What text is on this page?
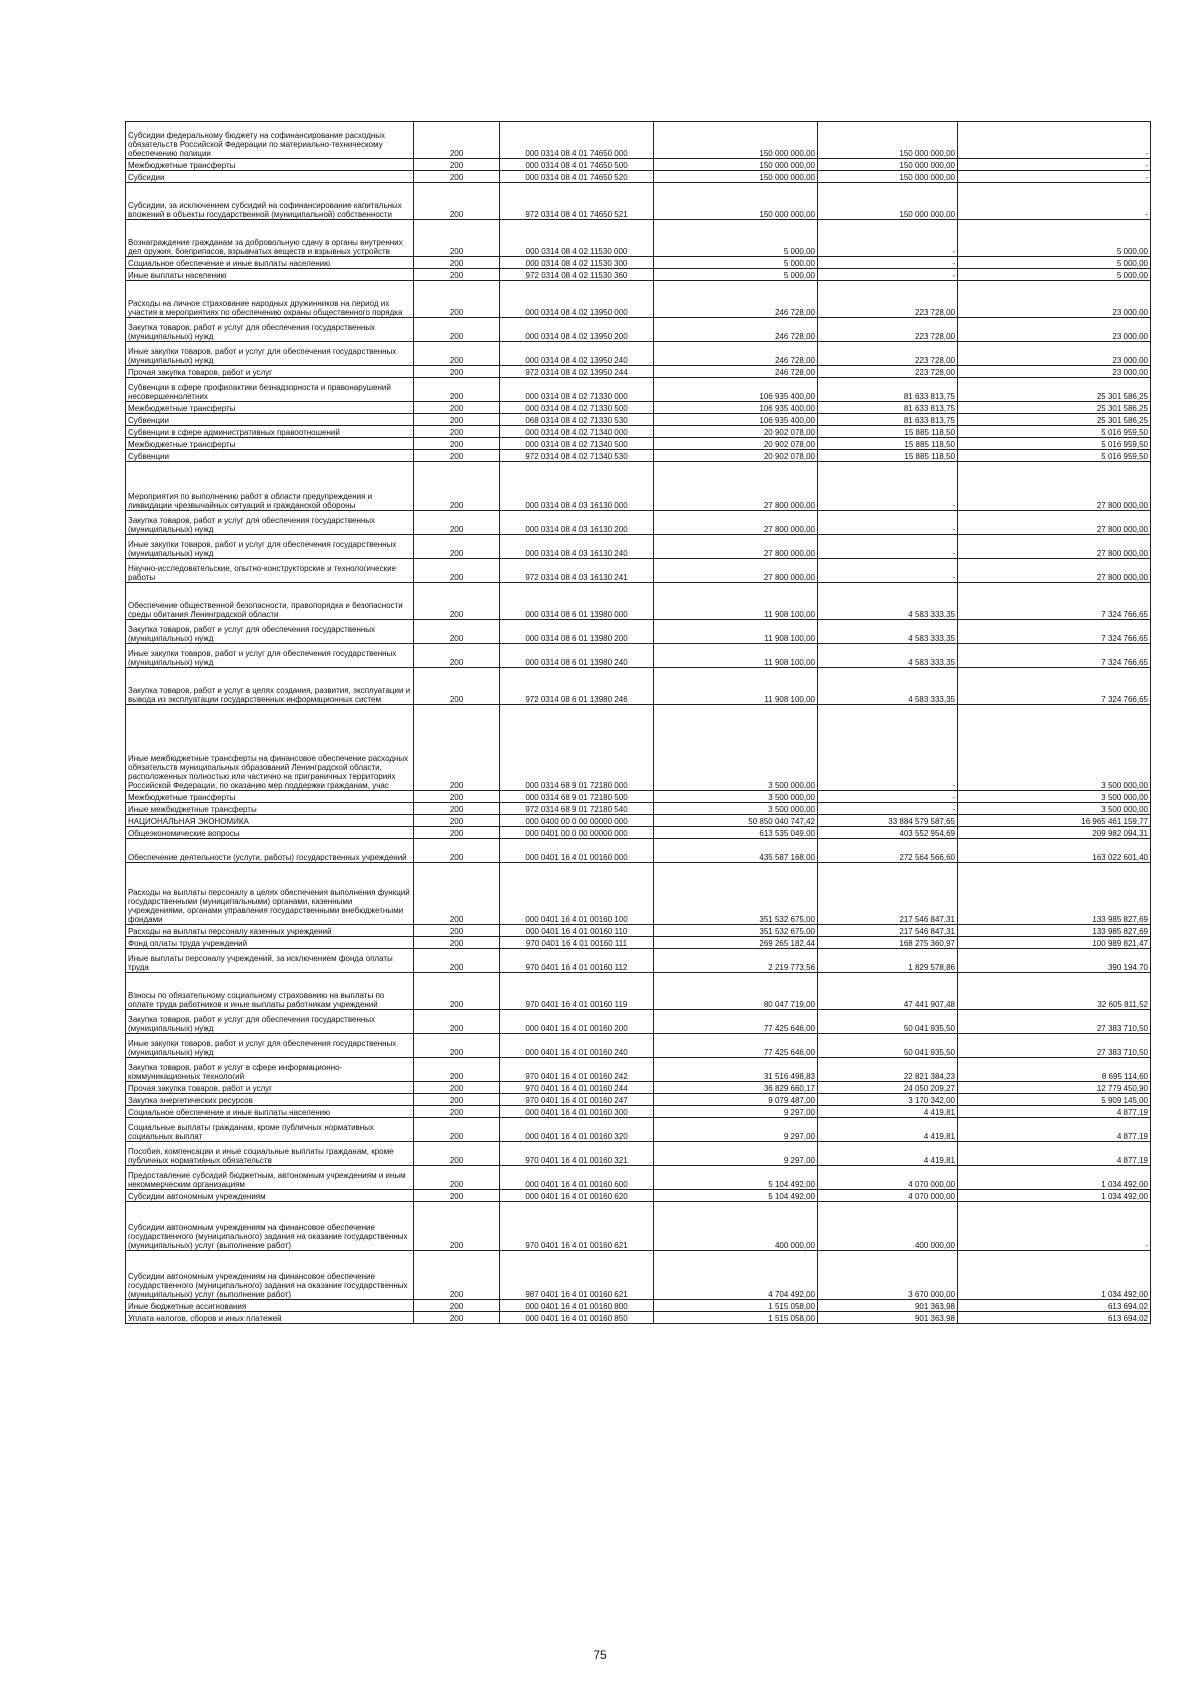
Субсидии федеральному бюджету на софинансирование расходных обязательств Российской Федерации по материально-техническому обеспечению полиции	200	000 0314 08 4 01 74650 000	150 000 000,00	150 000 000,00	-
Межбюджетные трансферты	200	000 0314 08 4 01 74650 500	150 000 000,00	150 000 000,00	-
Субсидии	200	000 0314 08 4 01 74650 520	150 000 000,00	150 000 000,00	-
Субсидии, за исключением субсидий на софинансирование капитальных вложений в объекты государственной (муниципальной) собственности	200	972 0314 08 4 01 74650 521	150 000 000,00	150 000 000,00	-
Вознаграждение гражданам за добровольную сдачу в органы внутренних дел оружия, боеприпасов, взрывчатых веществ и взрывных устройств	200	000 0314 08 4 02 11530 000	5 000,00	-	5 000,00
Социальное обеспечение и иные выплаты населению	200	000 0314 08 4 02 11530 300	5 000,00	-	5 000,00
Иные выплаты населению	200	972 0314 08 4 02 11530 360	5 000,00	-	5 000,00
Расходы на личное страхование народных дружинников на период их участия в мероприятиях по обеспечению охраны общественного порядка	200	000 0314 08 4 02 13950 000	246 728,00	223 728,00	23 000,00
Закупка товаров, работ и услуг для обеспечения государственных (муниципальных) нужд	200	000 0314 08 4 02 13950 200	246 728,00	223 728,00	23 000,00
Иные закупки товаров, работ и услуг для обеспечения государственных (муниципальных) нужд	200	000 0314 08 4 02 13950 240	246 728,00	223 728,00	23 000,00
Прочая закупка товаров, работ и услуг	200	972 0314 08 4 02 13950 244	246 728,00	223 728,00	23 000,00
Субвенции в сфере профилактики безнадзорности и правонарушений несовершеннолетних	200	000 0314 08 4 02 71330 000	106 935 400,00	81 633 813,75	25 301 586,25
Межбюджетные трансферты	200	000 0314 08 4 02 71330 500	106 935 400,00	81 633 813,75	25 301 586,25
Субвенции	200	068 0314 08 4 02 71330 530	106 935 400,00	81 633 813,75	25 301 586,25
Субвенции в сфере административных правоотношений	200	000 0314 08 4 02 71340 000	20 902 078,00	15 885 118,50	5 016 959,50
Межбюджетные трансферты	200	000 0314 08 4 02 71340 500	20 902 078,00	15 885 118,50	5 016 959,50
Субвенции	200	972 0314 08 4 02 71340 530	20 902 078,00	15 885 118,50	5 016 959,50
Мероприятия по выполнению работ в области предупреждения и ликвидации чрезвычайных ситуаций и гражданской обороны	200	000 0314 08 4 03 16130 000	27 800 000,00	-	27 800 000,00
Закупка товаров, работ и услуг для обеспечения государственных (муниципальных) нужд	200	000 0314 08 4 03 16130 200	27 800 000,00	-	27 800 000,00
Иные закупки товаров, работ и услуг для обеспечения государственных (муниципальных) нужд	200	000 0314 08 4 03 16130 240	27 800 000,00	-	27 800 000,00
Научно-исследовательские, опытно-конструкторские и технологические работы	200	972 0314 08 4 03 16130 241	27 800 000,00	-	27 800 000,00
Обеспечение общественной безопасности, правопорядка и безопасности среды обитания Ленинградской области	200	000 0314 08 6 01 13980 000	11 908 100,00	4 583 333,35	7 324 766,65
Закупка товаров, работ и услуг для обеспечения государственных (муниципальных) нужд	200	000 0314 08 6 01 13980 200	11 908 100,00	4 583 333,35	7 324 766,65
Иные закупки товаров, работ и услуг для обеспечения государственных (муниципальных) нужд	200	000 0314 08 6 01 13980 240	11 908 100,00	4 583 333,35	7 324 766,65
Закупка товаров, работ и услуг в целях создания, развития, эксплуатации и вывода из эксплуатации государственных информационных систем	200	972 0314 08 6 01 13980 246	11 908 100,00	4 583 333,35	7 324 766,65
Иные межбюджетные трансферты на финансовое обеспечение расходных обязательств муниципальных образований Ленинградской области, расположенных полностью или частично на приграничных территориях Российской Федерации, по оказанию мер поддержки гражданам, учас	200	000 0314 68 9 01 72180 000	3 500 000,00	-	3 500 000,00
Межбюджетные трансферты	200	000 0314 68 9 01 72180 500	3 500 000,00	-	3 500 000,00
Иные межбюджетные трансферты	200	972 0314 68 9 01 72180 540	3 500 000,00	-	3 500 000,00
НАЦИОНАЛЬНАЯ ЭКОНОМИКА	200	000 0400 00 0 00 00000 000	50 850 040 747,42	33 884 579 587,65	16 965 461 159,77
Общеэкономические вопросы	200	000 0401 00 0 00 00000 000	613 535 049,00	403 552 954,69	209 982 094,31
Обеспечение деятельности (услуги, работы) государственных учреждений	200	000 0401 16 4 01 00160 000	435 587 168,00	272 564 566,60	163 022 601,40
Расходы на выплаты персоналу в целях обеспечения выполнения функций государственными (муниципальными) органами, казенными учреждениями, органами управления государственными внебюджетными фондами	200	000 0401 16 4 01 00160 100	351 532 675,00	217 546 847,31	133 985 827,69
Расходы на выплаты персоналу казенных учреждений	200	000 0401 16 4 01 00160 110	351 532 675,00	217 546 847,31	133 985 827,69
Фонд оплаты труда учреждений	200	970 0401 16 4 01 00160 111	269 265 182,44	168 275 360,97	100 989 821,47
Иные выплаты персоналу учреждений, за исключением фонда оплаты труда	200	970 0401 16 4 01 00160 112	2 219 773,56	1 829 578,86	390 194,70
Взносы по обязательному социальному страхованию на выплаты по оплате труда работников и иные выплаты работникам учреждений	200	970 0401 16 4 01 00160 119	80 047 719,00	47 441 907,48	32 605 811,52
Закупка товаров, работ и услуг для обеспечения государственных (муниципальных) нужд	200	000 0401 16 4 01 00160 200	77 425 646,00	50 041 935,50	27 383 710,50
Иные закупки товаров, работ и услуг для обеспечения государственных (муниципальных) нужд	200	000 0401 16 4 01 00160 240	77 425 646,00	50 041 935,50	27 383 710,50
Закупка товаров, работ и услуг в сфере информационно-коммуникационных технологий	200	970 0401 16 4 01 00160 242	31 516 498,83	22 821 384,23	8 695 114,60
Прочая закупка товаров, работ и услуг	200	970 0401 16 4 01 00160 244	36 829 660,17	24 050 209,27	12 779 450,90
Закупка энергетических ресурсов	200	970 0401 16 4 01 00160 247	9 079 487,00	3 170 342,00	5 909 145,00
Социальное обеспечение и иные выплаты населению	200	000 0401 16 4 01 00160 300	9 297,00	4 419,81	4 877,19
Социальные выплаты гражданам, кроме публичных нормативных социальных выплат	200	000 0401 16 4 01 00160 320	9 297,00	4 419,81	4 877,19
Пособия, компенсации и иные социальные выплаты гражданам, кроме публичных нормативных обязательств	200	970 0401 16 4 01 00160 321	9 297,00	4 419,81	4 877,19
Предоставление субсидий бюджетным, автономным учреждениям и иным некоммерческим организациям	200	000 0401 16 4 01 00160 600	5 104 492,00	4 070 000,00	1 034 492,00
Субсидии автономным учреждениям	200	000 0401 16 4 01 00160 620	5 104 492,00	4 070 000,00	1 034 492,00
Субсидии автономным учреждениям на финансовое обеспечение государственного (муниципального) задания на оказание государственных (муниципальных) услуг (выполнение работ)	200	970 0401 16 4 01 00160 621	400 000,00	400 000,00	-
Субсидии автономным учреждениям на финансовое обеспечение государственного (муниципального) задания на оказание государственных (муниципальных) услуг (выполнение работ)	200	987 0401 16 4 01 00160 621	4 704 492,00	3 670 000,00	1 034 492,00
Иные бюджетные ассигнования	200	000 0401 16 4 01 00160 800	1 515 058,00	901 363,98	613 694,02
Уплата налогов, сборов и иных платежей	200	000 0401 16 4 01 00160 850	1 515 058,00	901 363,98	613 694,02
75
